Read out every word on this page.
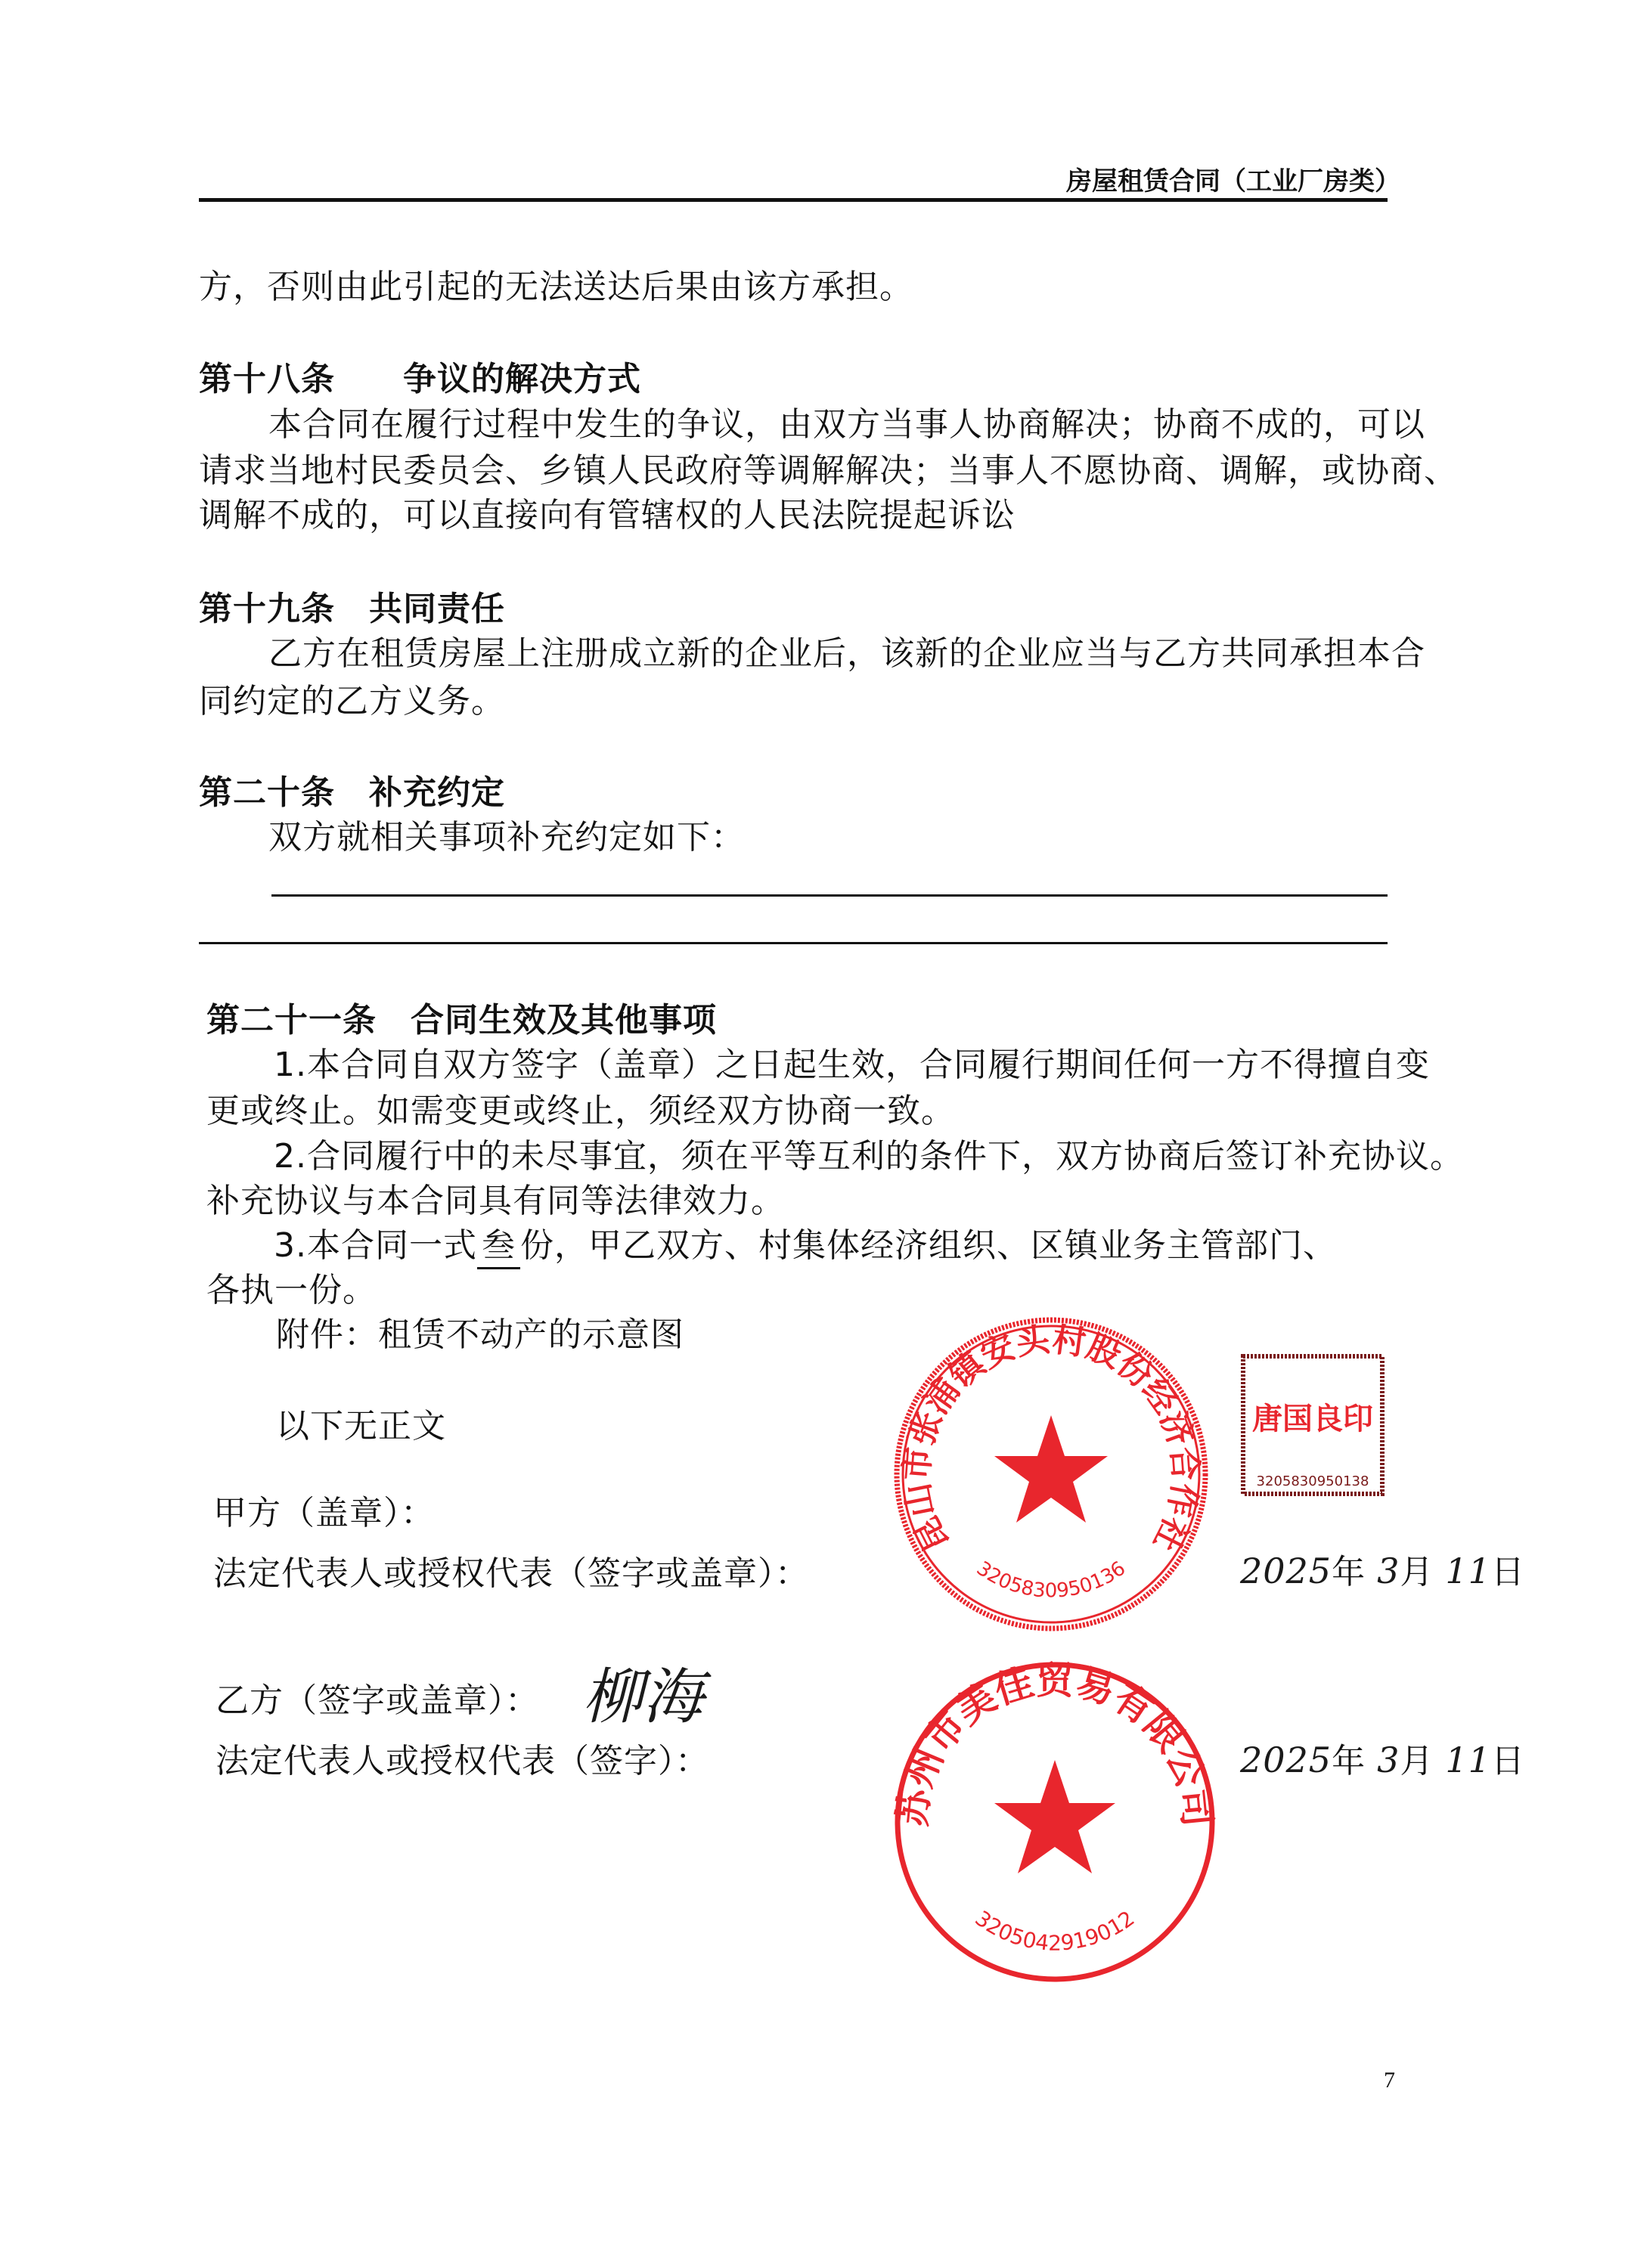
房屋租赁合同（工业厂房类）
方，否则由此引起的无法送达后果由该方承担。
第十八条　　争议的解决方式
本合同在履行过程中发生的争议，由双方当事人协商解决；协商不成的，可以
请求当地村民委员会、乡镇人民政府等调解解决；当事人不愿协商、调解，或协商、
调解不成的，可以直接向有管辖权的人民法院提起诉讼
第十九条　共同责任
乙方在租赁房屋上注册成立新的企业后，该新的企业应当与乙方共同承担本合
同约定的乙方义务。
第二十条　补充约定
双方就相关事项补充约定如下：
第二十一条　合同生效及其他事项
1.本合同自双方签字（盖章）之日起生效，合同履行期间任何一方不得擅自变
更或终止。如需变更或终止，须经双方协商一致。
2.合同履行中的未尽事宜，须在平等互利的条件下，双方协商后签订补充协议。
补充协议与本合同具有同等法律效力。
3.本合同一式 叁 份，甲乙双方、村集体经济组织、区镇业务主管部门、
各执一份。
附件：租赁不动产的示意图
以下无正文
甲方（盖章）：
法定代表人或授权代表（签字或盖章）：	2025年 3月 11日
乙方（签字或盖章）：
法定代表人或授权代表（签字）：
柳海
2025年 3月 11日
昆山市张浦镇安头村股份经济合作社
3205830950136
唐国良印
3205830950138
苏州市美佳贸易有限公司
3205042919012
7
